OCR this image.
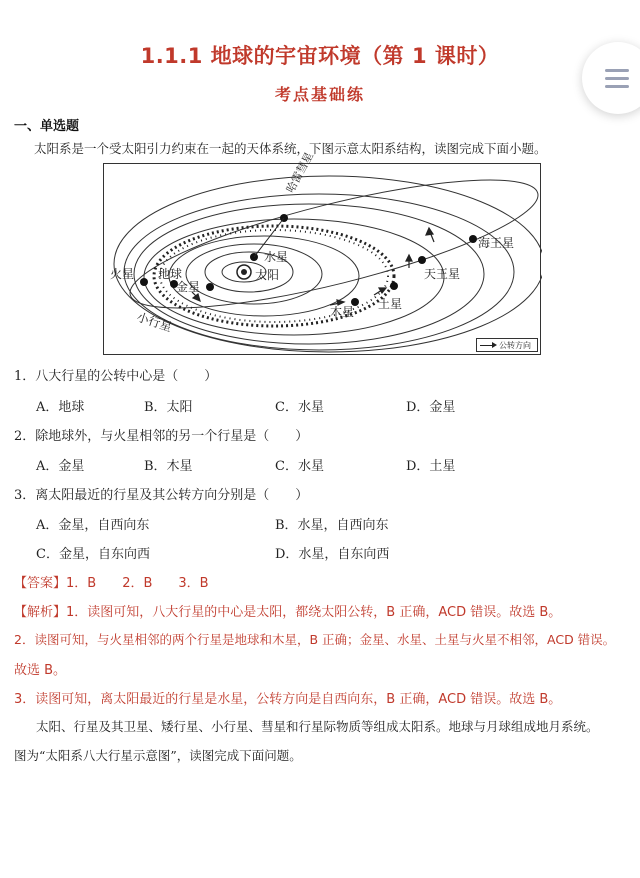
1.1.1 地球的宇宙环境（第 1 课时）
考点基础练
一、单选题
太阳系是一个受太阳引力约束在一起的天体系统，下图示意太阳系结构，读图完成下面小题。
哈雷彗星
水星
太阳
火星 地球
金星
小行星	木星
土星
天王星
海王星
公转方向
1．八大行星的公转中心是（　　）
A．地球	B．太阳	C．水星	D．金星
2．除地球外，与火星相邻的另一个行星是（　　）
A．金星	B．木星	C．水星	D．土星
3．离太阳最近的行星及其公转方向分别是（　　）
A．金星，自西向东	B．水星，自西向东
C．金星，自东向西	D．水星，自东向西
【答案】1．B　　2．B　　3．B
【解析】1．读图可知，八大行星的中心是太阳，都绕太阳公转，B 正确，ACD 错误。故选 B。
2．读图可知，与火星相邻的两个行星是地球和木星，B 正确；金星、水星、土星与火星不相邻，ACD 错误。
故选 B。
3．读图可知，离太阳最近的行星是水星，公转方向是自西向东，B 正确，ACD 错误。故选 B。
太阳、行星及其卫星、矮行星、小行星、彗星和行星际物质等组成太阳系。地球与月球组成地月系统。
图为“太阳系八大行星示意图”，读图完成下面问题。
